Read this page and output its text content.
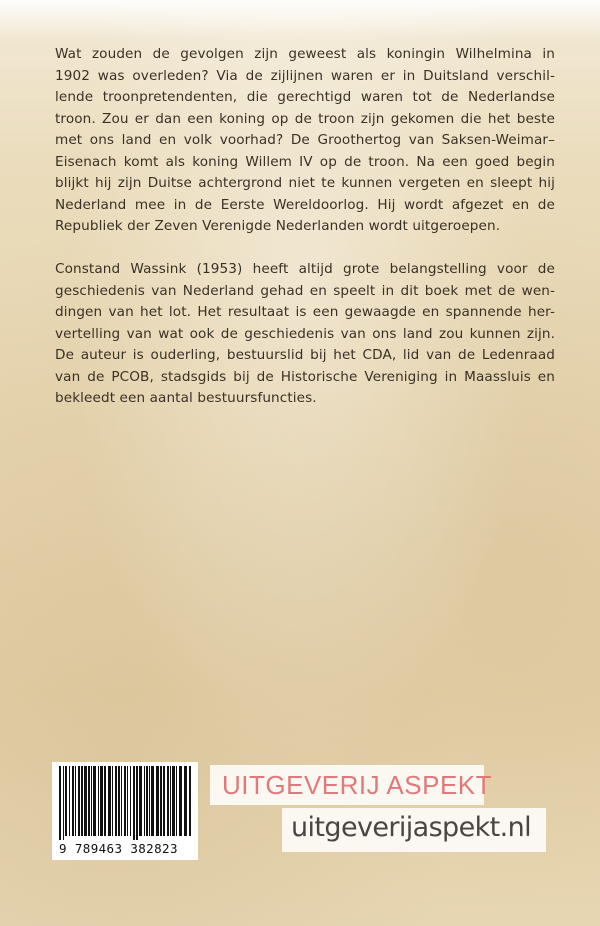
Wat zouden de gevolgen zijn geweest als koningin Wilhelmina in
1902 was overleden? Via de zijlijnen waren er in Duitsland verschil-
lende troonpretendenten, die gerechtigd waren tot de Nederlandse
troon. Zou er dan een koning op de troon zijn gekomen die het beste
met ons land en volk voorhad? De Groothertog van Saksen-Weimar–
Eisenach komt als koning Willem IV op de troon. Na een goed begin
blijkt hij zijn Duitse achtergrond niet te kunnen vergeten en sleept hij
Nederland mee in de Eerste Wereldoorlog. Hij wordt afgezet en de
Republiek der Zeven Verenigde Nederlanden wordt uitgeroepen.

Constand Wassink (1953) heeft altijd grote belangstelling voor de
geschiedenis van Nederland gehad en speelt in dit boek met de wen-
dingen van het lot. Het resultaat is een gewaagde en spannende her-
vertelling van wat ook de geschiedenis van ons land zou kunnen zijn.
De auteur is ouderling, bestuurslid bij het CDA, lid van de Ledenraad
van de PCOB, stadsgids bij de Historische Vereniging in Maassluis en
bekleedt een aantal bestuursfuncties.

9 789463 382823
UITGEVERIJ ASPEKT
uitgeverijaspekt.nl
